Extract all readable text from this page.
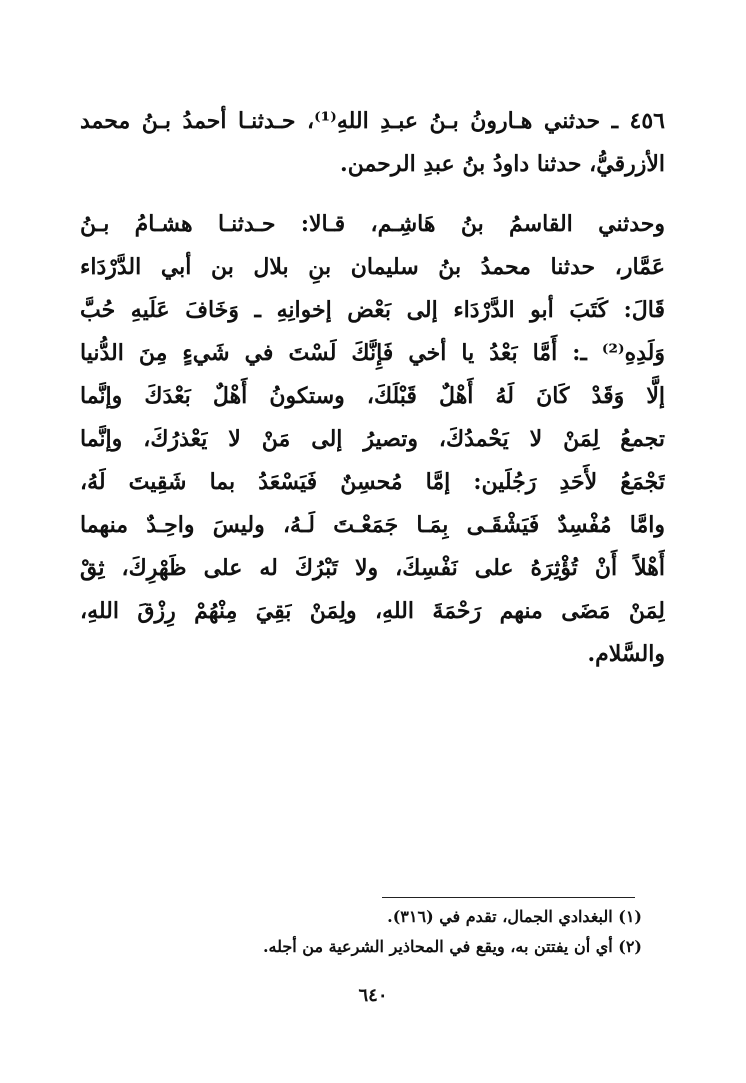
٤٥٦ ـ حدثني هـارونُ بـنُ عبـدِ اللهِ⁽¹⁾، حـدثنـا أحمدُ بـنُ محمد
الأزرقيُّ، حدثنا داودُ بنُ عبدِ الرحمن.
وحدثني القاسمُ بنُ هَاشِـم، قـالا: حـدثنـا هشـامُ بـنُ
عَمَّار، حدثنا محمدُ بنُ سليمان بنِ بلال بن أبي الدَّرْدَاء
قَالَ: كَتَبَ أبو الدَّرْدَاء إلى بَعْض إخوانِهِ ـ وَخَافَ عَلَيهِ حُبَّ
وَلَدِهِ⁽²⁾ ـ: أَمَّا بَعْدُ يا أخي فَإِنَّكَ لَسْتَ في شَيءٍ مِنَ الدُّنيا
إلَّا وَقَدْ كَانَ لَهُ أَهْلٌ قَبْلَكَ، وستكونُ أَهْلٌ بَعْدَكَ وإنَّما
تجمعُ لِمَنْ لا يَحْمدُكَ، وتصيرُ إلى مَنْ لا يَعْذرُكَ، وإنَّما
تَجْمَعُ لأَحَدِ رَجُلَين: إمَّا مُحسِنٌ فَيَسْعَدُ بما شَقِيتَ لَهُ،
وامَّا مُفْسِدٌ فَيَشْقَـى بِمَـا جَمَعْـتَ لَـهُ، وليسَ واحِـدٌ منهما
أَهْلاً أَنْ تُؤْثِرَهُ على نَفْسِكَ، ولا تَبْرُكَ له على ظَهْرِكَ، ثِقْ
لِمَنْ مَضَى منهم رَحْمَةَ اللهِ، ولِمَنْ بَقِيَ مِنْهُمْ رِزْقَ اللهِ،
والسَّلام.
(١) البغدادي الجمال، تقدم في (٣١٦).
(٢) أي أن يفتتن به، ويقع في المحاذير الشرعية من أجله.
٦٤٠
